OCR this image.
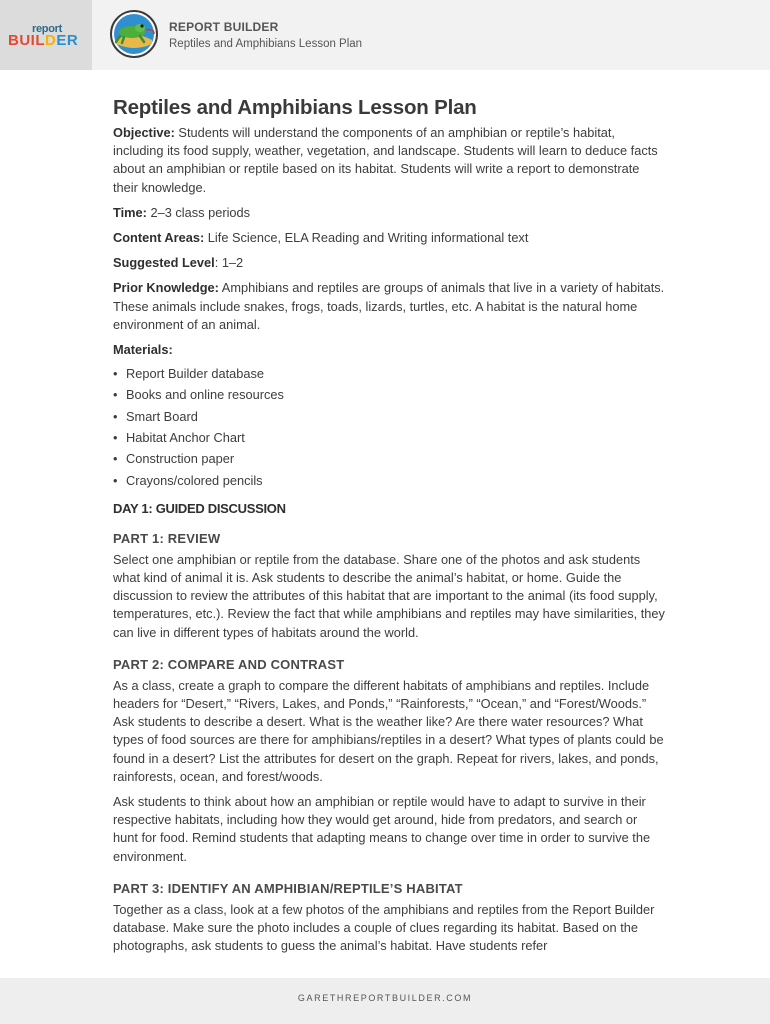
report
BUILDER
REPORT BUILDER
Reptiles and Amphibians Lesson Plan
Reptiles and Amphibians Lesson Plan

Objective: Students will understand the components of an amphibian or reptile’s habitat, including its food supply, weather, vegetation, and landscape. Students will learn to deduce facts about an amphibian or reptile based on its habitat. Students will write a report to demonstrate their knowledge.

Time: 2–3 class periods

Content Areas: Life Science, ELA Reading and Writing informational text

Suggested Level: 1–2

Prior Knowledge: Amphibians and reptiles are groups of animals that live in a variety of habitats. These animals include snakes, frogs, toads, lizards, turtles, etc. A habitat is the natural home environment of an animal.

Materials:
• Report Builder database
• Books and online resources
• Smart Board
• Habitat Anchor Chart
• Construction paper
• Crayons/colored pencils
DAY 1: GUIDED DISCUSSION
PART 1: REVIEW

Select one amphibian or reptile from the database. Share one of the photos and ask students what kind of animal it is. Ask students to describe the animal’s habitat, or home. Guide the discussion to review the attributes of this habitat that are important to the animal (its food supply, temperatures, etc.). Review the fact that while amphibians and reptiles may have similarities, they can live in different types of habitats around the world.

PART 2: COMPARE AND CONTRAST

As a class, create a graph to compare the different habitats of amphibians and reptiles. Include headers for “Desert,” “Rivers, Lakes, and Ponds,” “Rainforests,” “Ocean,” and “Forest/Woods.” Ask students to describe a desert. What is the weather like? Are there water resources? What types of food sources are there for amphibians/reptiles in a desert? What types of plants could be found in a desert? List the attributes for desert on the graph. Repeat for rivers, lakes, and ponds, rainforests, ocean, and forest/woods.

Ask students to think about how an amphibian or reptile would have to adapt to survive in their respective habitats, including how they would get around, hide from predators, and search or hunt for food. Remind students that adapting means to change over time in order to survive the environment.

PART 3: IDENTIFY AN AMPHIBIAN/REPTILE’S HABITAT

Together as a class, look at a few photos of the amphibians and reptiles from the Report Builder database. Make sure the photo includes a couple of clues regarding its habitat. Based on the photographs, ask students to guess the animal’s habitat. Have students refer

GARETHREPORTBUILDER.COM
